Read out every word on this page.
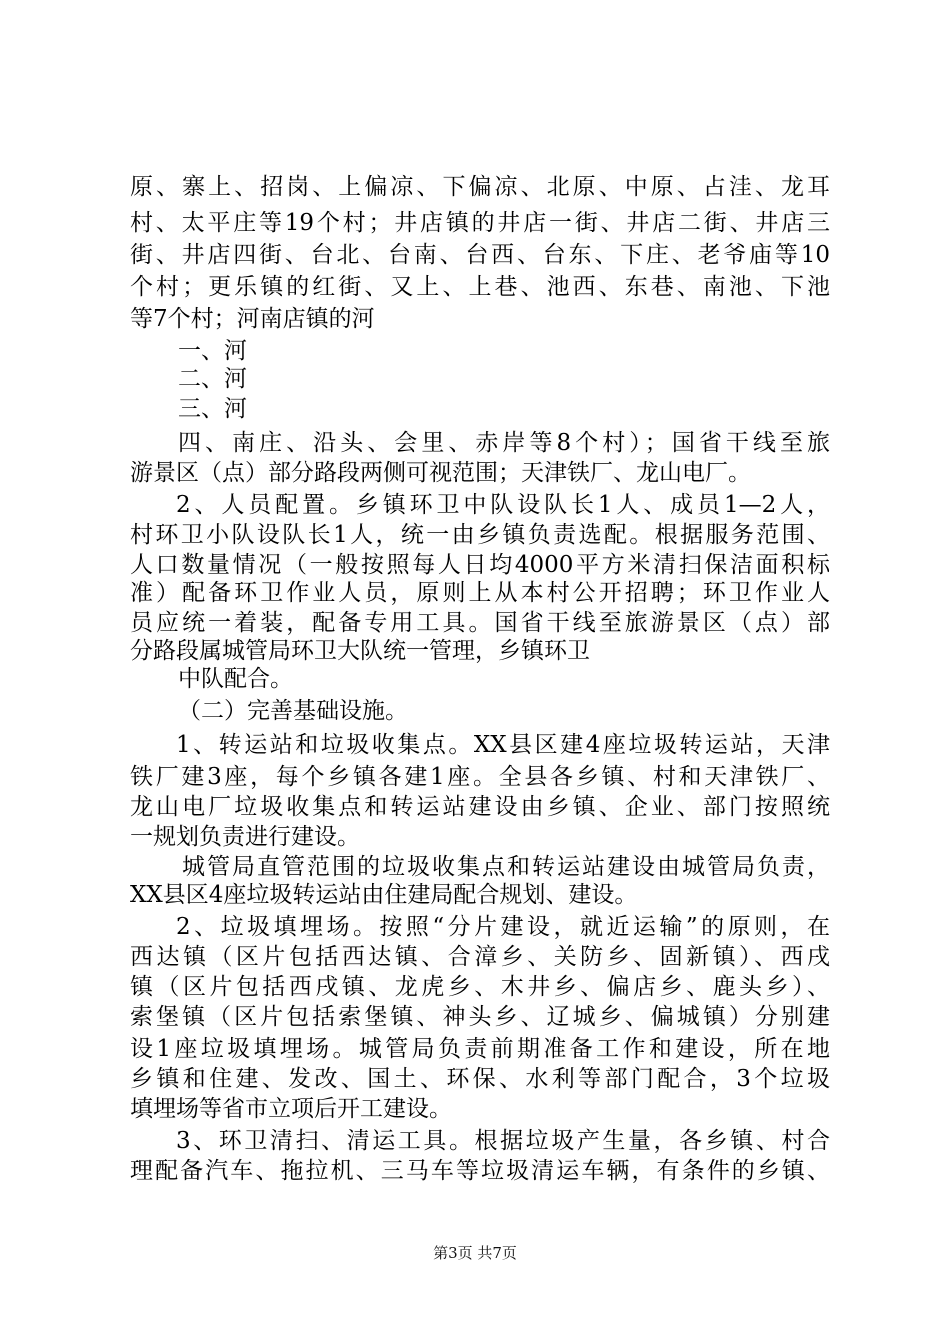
原、寨上、招岗、上偏凉、下偏凉、北原、中原、占洼、龙耳
村、太平庄等19个村；井店镇的井店一街、井店二街、井店三
街、井店四街、台北、台南、台西、台东、下庄、老爷庙等10
个村；更乐镇的红街、又上、上巷、池西、东巷、南池、下池
等7个村；河南店镇的河
一、河
二、河
三、河
四、南庄、沿头、会里、赤岸等8个村）；国省干线至旅
游景区（点）部分路段两侧可视范围；天津铁厂、龙山电厂。
2、人员配置。乡镇环卫中队设队长1人、成员1—2人，
村环卫小队设队长1人，统一由乡镇负责选配。根据服务范围、
人口数量情况（一般按照每人日均4000平方米清扫保洁面积标
准）配备环卫作业人员，原则上从本村公开招聘；环卫作业人
员应统一着装，配备专用工具。国省干线至旅游景区（点）部
分路段属城管局环卫大队统一管理，乡镇环卫
中队配合。
（二）完善基础设施。
1、转运站和垃圾收集点。XX县区建4座垃圾转运站，天津
铁厂建3座，每个乡镇各建1座。全县各乡镇、村和天津铁厂、
龙山电厂垃圾收集点和转运站建设由乡镇、企业、部门按照统
一规划负责进行建设。
城管局直管范围的垃圾收集点和转运站建设由城管局负责，
XX县区4座垃圾转运站由住建局配合规划、建设。
2、垃圾填埋场。按照“分片建设，就近运输”的原则，在
西达镇（区片包括西达镇、合漳乡、关防乡、固新镇）、西戌
镇（区片包括西戌镇、龙虎乡、木井乡、偏店乡、鹿头乡）、
索堡镇（区片包括索堡镇、神头乡、辽城乡、偏城镇）分别建
设1座垃圾填埋场。城管局负责前期准备工作和建设，所在地
乡镇和住建、发改、国土、环保、水利等部门配合，3个垃圾
填埋场等省市立项后开工建设。
3、环卫清扫、清运工具。根据垃圾产生量，各乡镇、村合
理配备汽车、拖拉机、三马车等垃圾清运车辆，有条件的乡镇、
第3页 共7页
